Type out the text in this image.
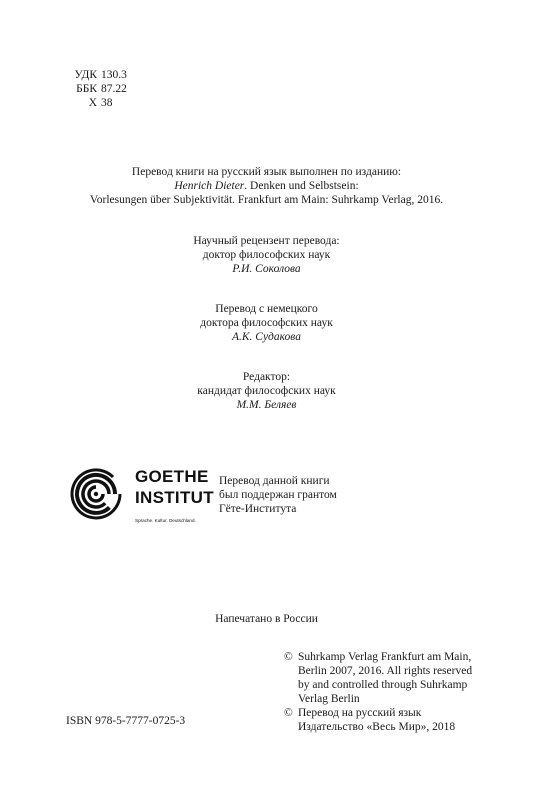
УДК 130.3
ББК 87.22
Х 38
Перевод книги на русский язык выполнен по изданию:
Henrich Dieter. Denken und Selbstsein:
Vorlesungen über Subjektivität. Frankfurt am Main: Suhrkamp Verlag, 2016.
Научный рецензент перевода:
доктор философских наук
Р.И. Соколова
Перевод с немецкого
доктора философских наук
А.К. Судакова
Редактор:
кандидат философских наук
М.М. Беляев
GOETHE
INSTITUT
Sprache. Kultur. Deutschland.
Перевод данной книги
был поддержан грантом
Гёте-Института
Напечатано в России
© Suhrkamp Verlag Frankfurt am Main,
Berlin 2007, 2016. All rights reserved
by and controlled through Suhrkamp
Verlag Berlin
© Перевод на русский язык
Издательство «Весь Мир», 2018
ISBN 978-5-7777-0725-3
